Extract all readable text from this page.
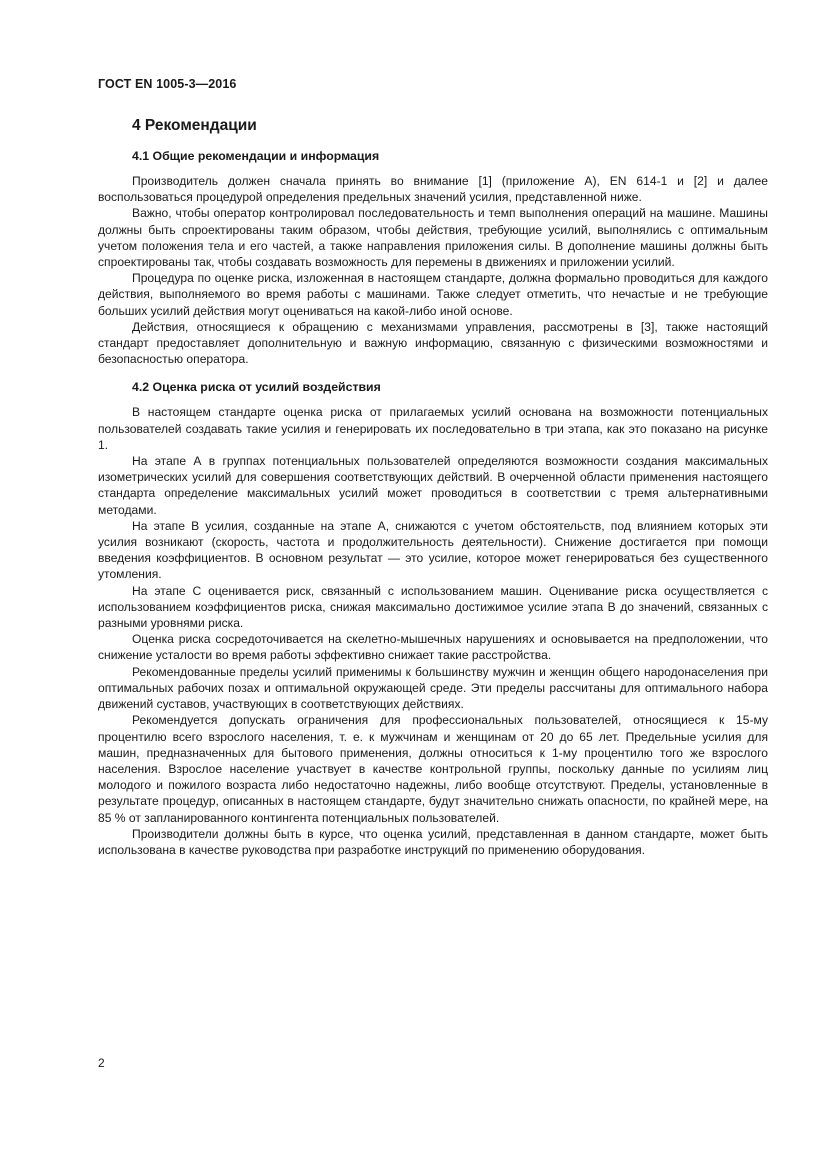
ГОСТ EN 1005-3—2016
4 Рекомендации
4.1 Общие рекомендации и информация

Производитель должен сначала принять во внимание [1] (приложение А), EN 614-1 и [2] и далее воспользоваться процедурой определения предельных значений усилия, представленной ниже.

Важно, чтобы оператор контролировал последовательность и темп выполнения операций на машине. Машины должны быть спроектированы таким образом, чтобы действия, требующие усилий, выполнялись с оптимальным учетом положения тела и его частей, а также направления приложения силы. В дополнение машины должны быть спроектированы так, чтобы создавать возможность для перемены в движениях и приложении усилий.

Процедура по оценке риска, изложенная в настоящем стандарте, должна формально проводиться для каждого действия, выполняемого во время работы с машинами. Также следует отметить, что нечастые и не требующие больших усилий действия могут оцениваться на какой-либо иной основе.

Действия, относящиеся к обращению с механизмами управления, рассмотрены в [3], также настоящий стандарт предоставляет дополнительную и важную информацию, связанную с физическими возможностями и безопасностью оператора.

4.2 Оценка риска от усилий воздействия

В настоящем стандарте оценка риска от прилагаемых усилий основана на возможности потенциальных пользователей создавать такие усилия и генерировать их последовательно в три этапа, как это показано на рисунке 1.

На этапе А в группах потенциальных пользователей определяются возможности создания максимальных изометрических усилий для совершения соответствующих действий. В очерченной области применения настоящего стандарта определение максимальных усилий может проводиться в соответствии с тремя альтернативными методами.

На этапе В усилия, созданные на этапе А, снижаются с учетом обстоятельств, под влиянием которых эти усилия возникают (скорость, частота и продолжительность деятельности). Снижение достигается при помощи введения коэффициентов. В основном результат — это усилие, которое может генерироваться без существенного утомления.

На этапе С оценивается риск, связанный с использованием машин. Оценивание риска осуществляется с использованием коэффициентов риска, снижая максимально достижимое усилие этапа В до значений, связанных с разными уровнями риска.

Оценка риска сосредоточивается на скелетно-мышечных нарушениях и основывается на предположении, что снижение усталости во время работы эффективно снижает такие расстройства.

Рекомендованные пределы усилий применимы к большинству мужчин и женщин общего народонаселения при оптимальных рабочих позах и оптимальной окружающей среде. Эти пределы рассчитаны для оптимального набора движений суставов, участвующих в соответствующих действиях.

Рекомендуется допускать ограничения для профессиональных пользователей, относящиеся к 15-му процентилю всего взрослого населения, т. е. к мужчинам и женщинам от 20 до 65 лет. Предельные усилия для машин, предназначенных для бытового применения, должны относиться к 1-му процентилю того же взрослого населения. Взрослое население участвует в качестве контрольной группы, поскольку данные по усилиям лиц молодого и пожилого возраста либо недостаточно надежны, либо вообще отсутствуют. Пределы, установленные в результате процедур, описанных в настоящем стандарте, будут значительно снижать опасности, по крайней мере, на 85 % от запланированного контингента потенциальных пользователей.

Производители должны быть в курсе, что оценка усилий, представленная в данном стандарте, может быть использована в качестве руководства при разработке инструкций по применению оборудования.

2
